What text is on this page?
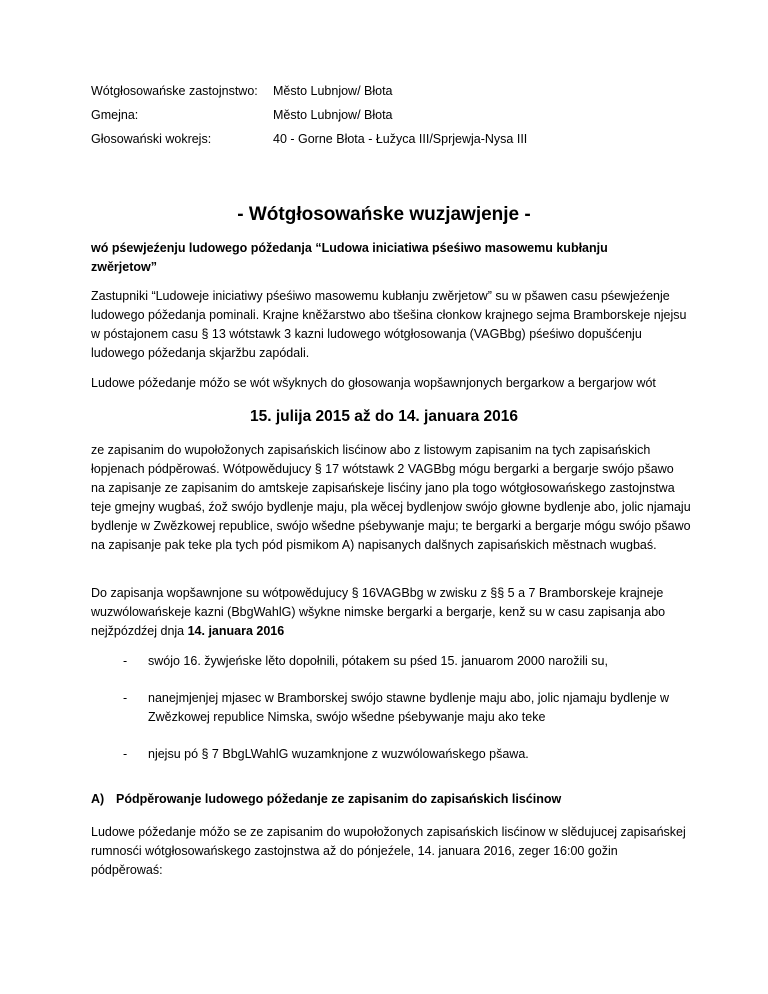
Wótgłosowańske zastojnstwo: Město Lubnjow/ Błota
Gmejna:	Město Lubnjow/ Błota
Głosowański wokrejs:	40 - Gorne Błota - Łužyca III/Sprjewja-Nysa III
- Wótgłosowańske wuzjawjenje -
wó pśewjeźenju ludowego póžedanja “Ludowa iniciatiwa pśeśiwo masowemu kubłanju zwěrjetow”
Zastupniki “Ludoweje iniciatiwy pśeśiwo masowemu kubłanju zwěrjetow” su w pšawen casu pśewjeźenje ludowego póžedanja pominali. Krajne kněžarstwo abo tšešina cłonkow krajnego sejma Bramborskeje njejsu w póstajonem casu § 13 wótstawk 3 kazni ludowego wótgłosowanja (VAGBbg) pśeśiwo dopušćenju ludowego póžedanja skjaržbu zapódali.
Ludowe póžedanje móžo se wót wšyknych do głosowanja wopšawnjonych bergarkow a bergarjow wót
15. julija 2015 až do 14. januara 2016
ze zapisanim do wupołožonych zapisańskich lisćinow abo z listowym zapisanim na tych zapisańskich łopjenach pódpěrowaś. Wótpowědujucy § 17 wótstawk 2 VAGBbg mógu bergarki a bergarje swójo pšawo na zapisanje ze zapisanim do amtskeje zapisańskeje lisćiny jano pla togo wótgłosowańskego zastojnstwa teje gmejny wugbaś, źož swójo bydlenje maju, pla wěcej bydlenjow swójo głowne bydlenje abo, jolic njamaju bydlenje w Zwězkowej republice, swójo wšedne pśebywanje maju; te bergarki a bergarje mógu swójo pšawo na zapisanje pak teke pla tych pód pismikom A) napisanych dalšnych zapisańskich městnach wugbaś.
Do zapisanja wopšawnjone su wótpowědujucy § 16VAGBbg w zwisku z §§ 5 a 7 Bramborskeje krajneje wuzwólowańskeje kazni (BbgWahlG) wšykne nimske bergarki a bergarje, kenž su w casu zapisanja abo nejžpózdźej dnja 14. januara 2016
- swójo 16. žywjeńske lěto dopołnili, pótakem su pśed 15. januarom 2000 narožili su,
- nanejmjenjej mjasec w Bramborskej swójo stawne bydlenje maju abo, jolic njamaju bydlenje w Zwězkowej republice Nimska, swójo wšedne pśebywanje maju ako teke
- njejsu pó § 7 BbgLWahlG wuzamknjone z wuzwólowańskego pšawa.
A) Pódpěrowanje ludowego póžedanje ze zapisanim do zapisańskich lisćinow
Ludowe póžedanje móžo se ze zapisanim do wupołožonych zapisańskich lisćinow w slědujucej zapisańskej rumnosći wótgłosowańskego zastojnstwa až do pónjeźele, 14. januara 2016, zeger 16:00 gožin pódpěrowaś:
